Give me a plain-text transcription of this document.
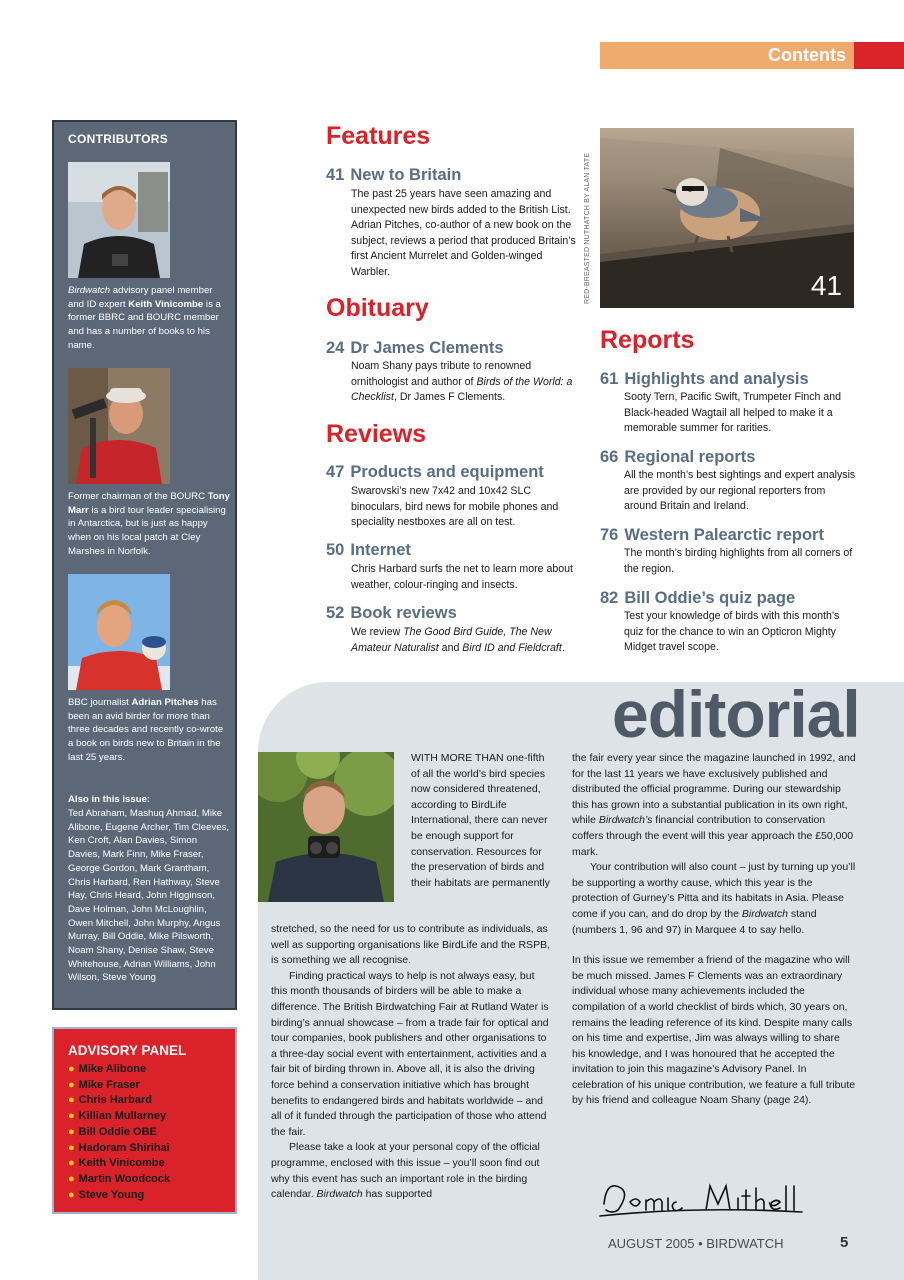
Contents
CONTRIBUTORS
Birdwatch advisory panel member and ID expert Keith Vinicombe is a former BBRC and BOURC member and has a number of books to his name.
Former chairman of the BOURC Tony Marr is a bird tour leader specialising in Antarctica, but is just as happy when on his local patch at Cley Marshes in Norfolk.
BBC journalist Adrian Pitches has been an avid birder for more than three decades and recently co-wrote a book on birds new to Britain in the last 25 years.
Also in this issue:
Ted Abraham, Mashuq Ahmad, Mike Alibone, Eugene Archer, Tim Cleeves, Ken Croft, Alan Davies, Simon Davies, Mark Finn, Mike Fraser, George Gordon, Mark Grantham, Chris Harbard, Ren Hathway, Steve Hay, Chris Heard, John Higginson, Dave Holman, John McLoughlin, Owen Mitchell, John Murphy, Angus Murray, Bill Oddie, Mike Pilsworth, Noam Shany, Denise Shaw, Steve Whitehouse, Adrian Williams, John Wilson, Steve Young
ADVISORY PANEL
● Mike Alibone
● Mike Fraser
● Chris Harbard
● Killian Mullarney
● Bill Oddie OBE
● Hadoram Shirihai
● Keith Vinicombe
● Martin Woodcock
● Steve Young
Features
41 New to Britain
The past 25 years have seen amazing and unexpected new birds added to the British List. Adrian Pitches, co-author of a new book on the subject, reviews a period that produced Britain’s first Ancient Murrelet and Golden-winged Warbler.
Obituary
24 Dr James Clements
Noam Shany pays tribute to renowned ornithologist and author of Birds of the World: a Checklist, Dr James F Clements.
Reviews
47 Products and equipment
Swarovski’s new 7x42 and 10x42 SLC binoculars, bird news for mobile phones and speciality nestboxes are all on test.
50 Internet
Chris Harbard surfs the net to learn more about weather, colour-ringing and insects.
52 Book reviews
We review The Good Bird Guide, The New Amateur Naturalist and Bird ID and Fieldcraft.
RED-BREASTED NUTHATCH BY ALAN TATE	41
Reports
61 Highlights and analysis
Sooty Tern, Pacific Swift, Trumpeter Finch and Black-headed Wagtail all helped to make it a memorable summer for rarities.
66 Regional reports
All the month’s best sightings and expert analysis are provided by our regional reporters from around Britain and Ireland.
76 Western Palearctic report
The month’s birding highlights from all corners of the region.
82 Bill Oddie’s quiz page
Test your knowledge of birds with this month’s quiz for the chance to win an Opticron Mighty Midget travel scope.
editorial
WITH MORE THAN one-fifth of all the world’s bird species now considered threatened, according to BirdLife International, there can never be enough support for conservation. Resources for the preservation of birds and their habitats are permanently

stretched, so the need for us to contribute as individuals, as well as supporting organisations like BirdLife and the RSPB, is something we all recognise.

Finding practical ways to help is not always easy, but this month thousands of birders will be able to make a difference. The British Birdwatching Fair at Rutland Water is birding’s annual showcase – from a trade fair for optical and tour companies, book publishers and other organisations to a three-day social event with entertainment, activities and a fair bit of birding thrown in. Above all, it is also the driving force behind a conservation initiative which has brought benefits to endangered birds and habitats worldwide – and all of it funded through the participation of those who attend the fair.

Please take a look at your personal copy of the official programme, enclosed with this issue – you’ll soon find out why this event has such an important role in the birding calendar. Birdwatch has supported

the fair every year since the magazine launched in 1992, and for the last 11 years we have exclusively published and distributed the official programme. During our stewardship this has grown into a substantial publication in its own right, while Birdwatch’s financial contribution to conservation coffers through the event will this year approach the £50,000 mark.

Your contribution will also count – just by turning up you’ll be supporting a worthy cause, which this year is the protection of Gurney’s Pitta and its habitats in Asia. Please come if you can, and do drop by the Birdwatch stand (numbers 1, 96 and 97) in Marquee 4 to say hello.

In this issue we remember a friend of the magazine who will be much missed. James F Clements was an extraordinary individual whose many achievements included the compilation of a world checklist of birds which, 30 years on, remains the leading reference of its kind. Despite many calls on his time and expertise, Jim was always willing to share his knowledge, and I was honoured that he accepted the invitation to join this magazine’s Advisory Panel. In celebration of his unique contribution, we feature a full tribute by his friend and colleague Noam Shany (page 24).

AUGUST 2005 • BIRDWATCH	5
